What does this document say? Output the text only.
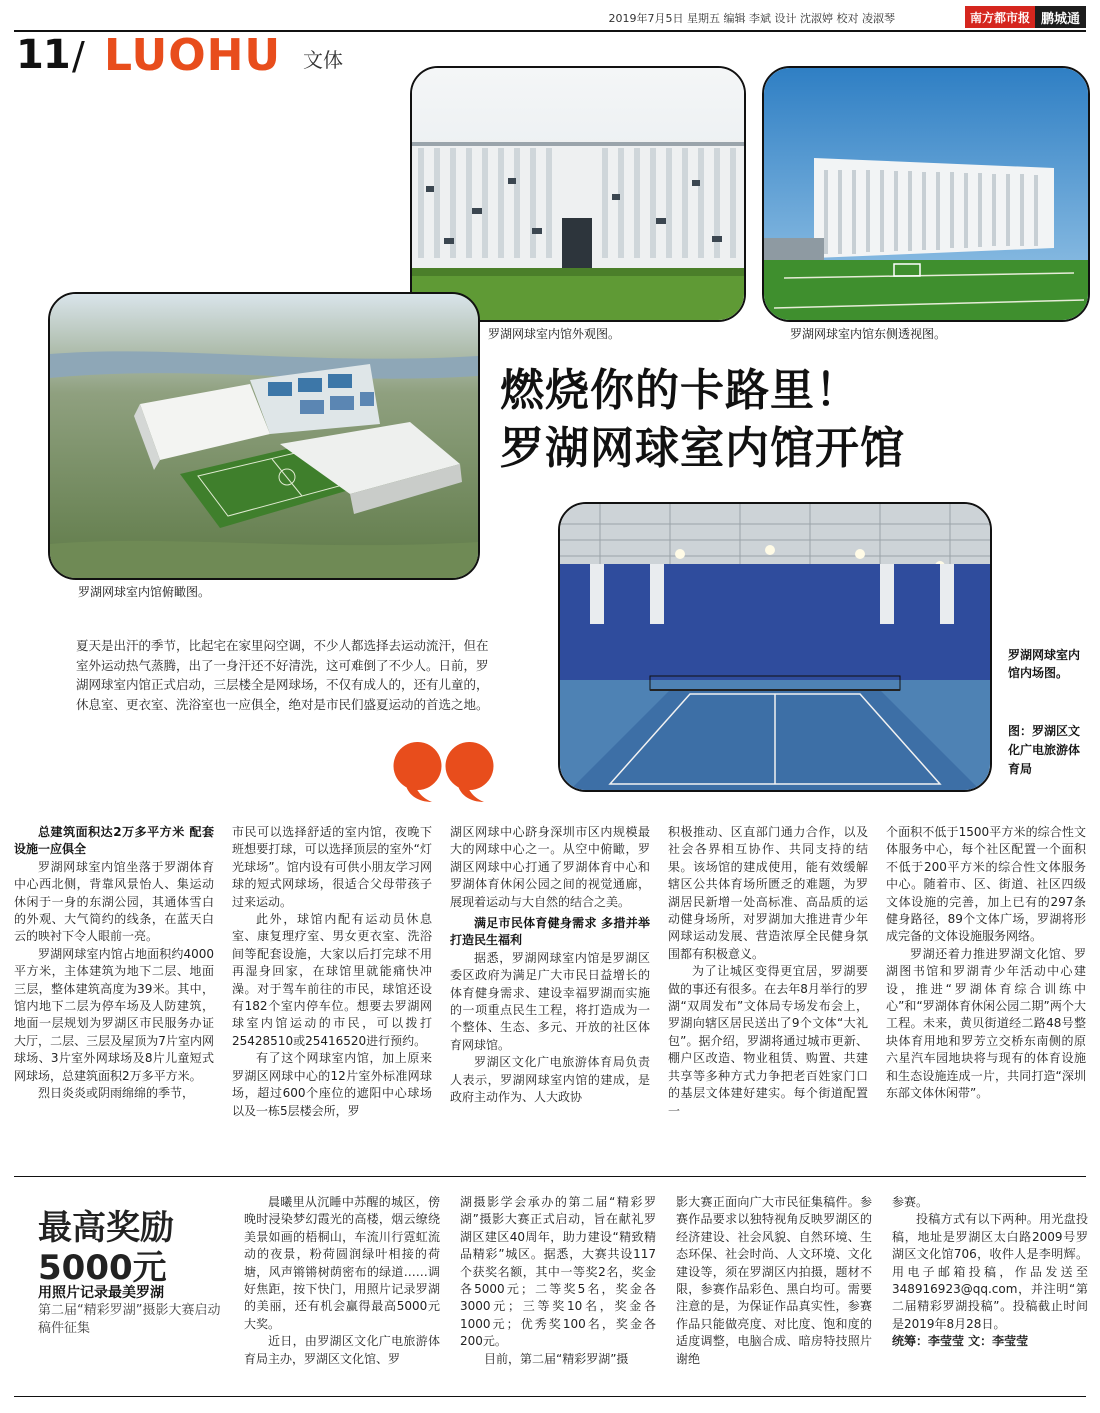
2019年7月5日 星期五 编辑 李斌 设计 沈淑婷 校对 凌淑琴	南方都市报 鹏城通
11 / LUOHU 文体
罗湖网球室内馆外观图。	罗湖网球室内馆东侧透视图。
罗湖网球室内馆俯瞰图。
燃烧你的卡路里！
罗湖网球室内馆开馆
罗湖网球室内馆内场图。
图：罗湖区文化广电旅游体育局
夏天是出汗的季节，比起宅在家里闷空调，不少人都选择去运动流汗，但在室外运动热气蒸腾，出了一身汗还不好清洗，这可难倒了不少人。日前，罗湖网球室内馆正式启动，三层楼全是网球场，不仅有成人的，还有儿童的，休息室、更衣室、洗浴室也一应俱全，绝对是市民们盛夏运动的首选之地。

总建筑面积达2万多平方米 配套设施一应俱全

罗湖网球室内馆坐落于罗湖体育中心西北侧，背靠风景怡人、集运动休闲于一身的东湖公园，其通体雪白的外观、大气简约的线条，在蓝天白云的映衬下令人眼前一亮。

罗湖网球室内馆占地面积约4000平方米，主体建筑为地下二层、地面三层，整体建筑高度为39米。其中，馆内地下二层为停车场及人防建筑，地面一层规划为罗湖区市民服务办证大厅，二层、三层及屋顶为7片室内网球场、3片室外网球场及8片儿童短式网球场，总建筑面积2万多平方米。

烈日炎炎或阴雨绵绵的季节，

市民可以选择舒适的室内馆，夜晚下班想要打球，可以选择顶层的室外“灯光球场”。馆内设有可供小朋友学习网球的短式网球场，很适合父母带孩子过来运动。

此外，球馆内配有运动员休息室、康复理疗室、男女更衣室、洗浴间等配套设施，大家以后打完球不用再湿身回家，在球馆里就能痛快冲澡。对于驾车前往的市民，球馆还设有182个室内停车位。想要去罗湖网球室内馆运动的市民，可以拨打25428510或25416520进行预约。

有了这个网球室内馆，加上原来罗湖区网球中心的12片室外标准网球场，超过600个座位的遮阳中心球场以及一栋5层楼会所，罗

湖区网球中心跻身深圳市区内规模最大的网球中心之一。从空中俯瞰，罗湖区网球中心打通了罗湖体育中心和罗湖体育休闲公园之间的视觉通廊，展现着运动与大自然的结合之美。

满足市民体育健身需求 多措并举打造民生福利

据悉，罗湖网球室内馆是罗湖区委区政府为满足广大市民日益增长的体育健身需求、建设幸福罗湖而实施的一项重点民生工程，将打造成为一个整体、生态、多元、开放的社区体育网球馆。

罗湖区文化广电旅游体育局负责人表示，罗湖网球室内馆的建成，是政府主动作为、人大政协

积极推动、区直部门通力合作，以及社会各界相互协作、共同支持的结果。该场馆的建成使用，能有效缓解辖区公共体育场所匮乏的难题，为罗湖居民新增一处高标准、高品质的运动健身场所，对罗湖加大推进青少年网球运动发展、营造浓厚全民健身氛围都有积极意义。

为了让城区变得更宜居，罗湖要做的事还有很多。在去年8月举行的罗湖“双周发布”文体局专场发布会上，罗湖向辖区居民送出了9个文体“大礼包”。据介绍，罗湖将通过城市更新、棚户区改造、物业租赁、购置、共建共享等多种方式力争把老百姓家门口的基层文体建好建实。每个街道配置一

个面积不低于1500平方米的综合性文体服务中心，每个社区配置一个面积不低于200平方米的综合性文体服务中心。随着市、区、街道、社区四级文体设施的完善，加上已有的297条健身路径，89个文体广场，罗湖将形成完备的文体设施服务网络。

罗湖还着力推进罗湖文化馆、罗湖图书馆和罗湖青少年活动中心建设，推进“罗湖体育综合训练中心”和“罗湖体育休闲公园二期”两个大工程。未来，黄贝街道经二路48号整块体育用地和罗芳立交桥东南侧的原六星汽车园地块将与现有的体育设施和生态设施连成一片，共同打造“深圳东部文体休闲带”。

最高奖励
5000元
用照片记录最美罗湖
第二届“精彩罗湖”摄影大赛启动稿件征集

晨曦里从沉睡中苏醒的城区，傍晚时浸染梦幻霞光的高楼，烟云缭绕美景如画的梧桐山，车流川行霓虹流动的夜景，粉荷圆润绿叶相接的荷塘，风声锵锵树荫密布的绿道……调好焦距，按下快门，用照片记录罗湖的美丽，还有机会赢得最高5000元大奖。

近日，由罗湖区文化广电旅游体育局主办，罗湖区文化馆、罗

湖摄影学会承办的第二届“精彩罗湖”摄影大赛正式启动，旨在献礼罗湖区建区40周年，助力建设“精致精品精彩”城区。据悉，大赛共设117个获奖名额，其中一等奖2名，奖金各5000元；二等奖5名，奖金各3000元；三等奖10名，奖金各1000元；优秀奖100名，奖金各200元。

目前，第二届“精彩罗湖”摄

影大赛正面向广大市民征集稿件。参赛作品要求以独特视角反映罗湖区的经济建设、社会风貌、自然环境、生态环保、社会时尚、人文环境、文化建设等，须在罗湖区内拍摄，题材不限，参赛作品彩色、黑白均可。需要注意的是，为保证作品真实性，参赛作品只能做亮度、对比度、饱和度的适度调整，电脑合成、暗房特技照片谢绝

参赛。

投稿方式有以下两种。用光盘投稿，地址是罗湖区太白路2009号罗湖区文化馆706，收件人是李明辉。用电子邮箱投稿，作品发送至348916923@qq.com，并注明“第二届精彩罗湖投稿”。投稿截止时间是2019年8月28日。

统筹：李莹莹 文：李莹莹
